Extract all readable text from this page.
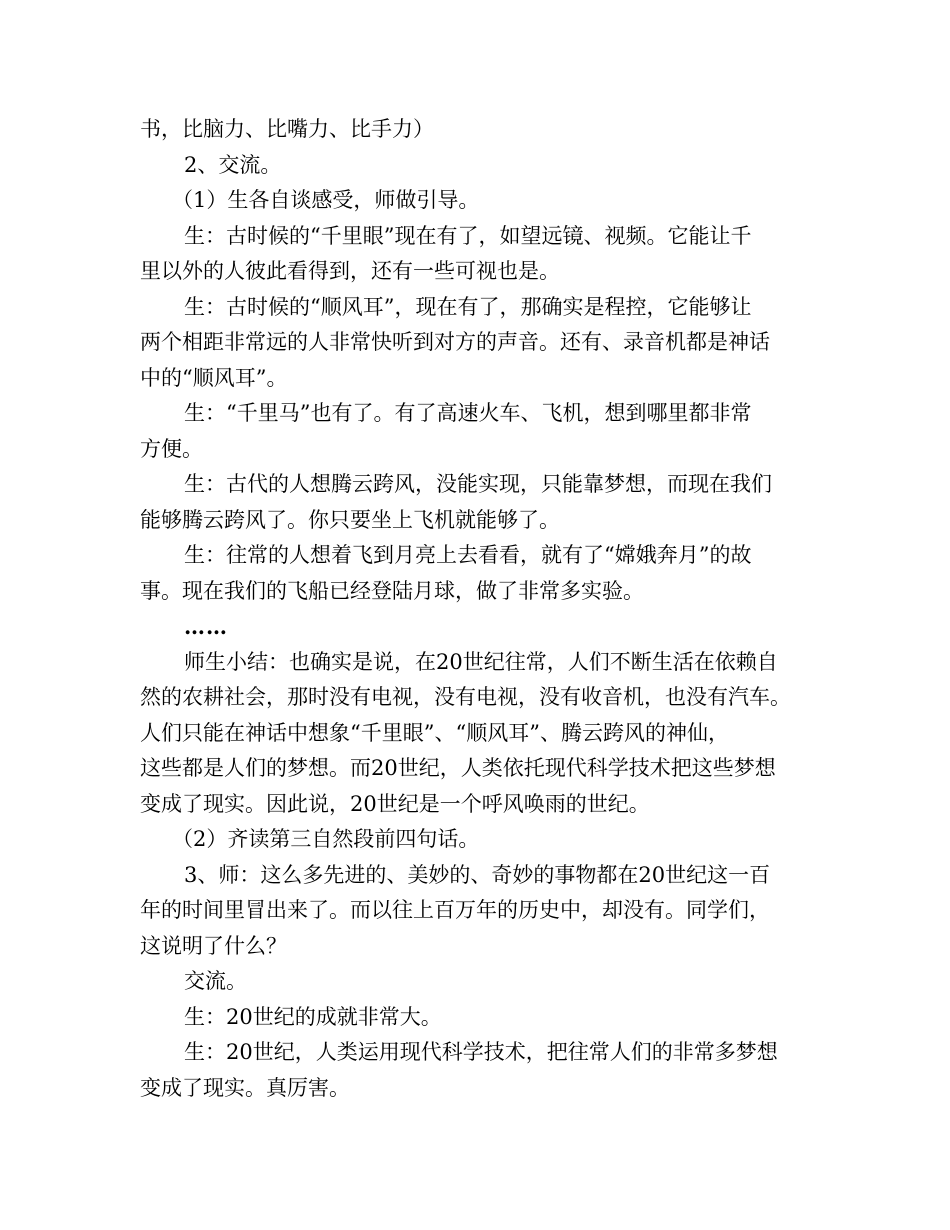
书，比脑力、比嘴力、比手力）

2、交流。

（1）生各自谈感受，师做引导。

生：古时候的“千里眼”现在有了，如望远镜、视频。它能让千

里以外的人彼此看得到，还有一些可视也是。

生：古时候的“顺风耳”，现在有了，那确实是程控，它能够让

两个相距非常远的人非常快听到对方的声音。还有、录音机都是神话

中的“顺风耳”。

生：“千里马”也有了。有了高速火车、飞机，想到哪里都非常

方便。

生：古代的人想腾云跨风，没能实现，只能靠梦想，而现在我们

能够腾云跨风了。你只要坐上飞机就能够了。

生：往常的人想着飞到月亮上去看看，就有了“嫦娥奔月”的故

事。现在我们的飞船已经登陆月球，做了非常多实验。

……

师生小结：也确实是说，在20世纪往常，人们不断生活在依赖自

然的农耕社会，那时没有电视，没有电视，没有收音机，也没有汽车。

人们只能在神话中想象“千里眼”、“顺风耳”、腾云跨风的神仙，

这些都是人们的梦想。而20世纪，人类依托现代科学技术把这些梦想

变成了现实。因此说，20世纪是一个呼风唤雨的世纪。

（2）齐读第三自然段前四句话。

3、师：这么多先进的、美妙的、奇妙的事物都在20世纪这一百

年的时间里冒出来了。而以往上百万年的历史中，却没有。同学们，

这说明了什么？

交流。

生：20世纪的成就非常大。

生：20世纪，人类运用现代科学技术，把往常人们的非常多梦想

变成了现实。真厉害。
